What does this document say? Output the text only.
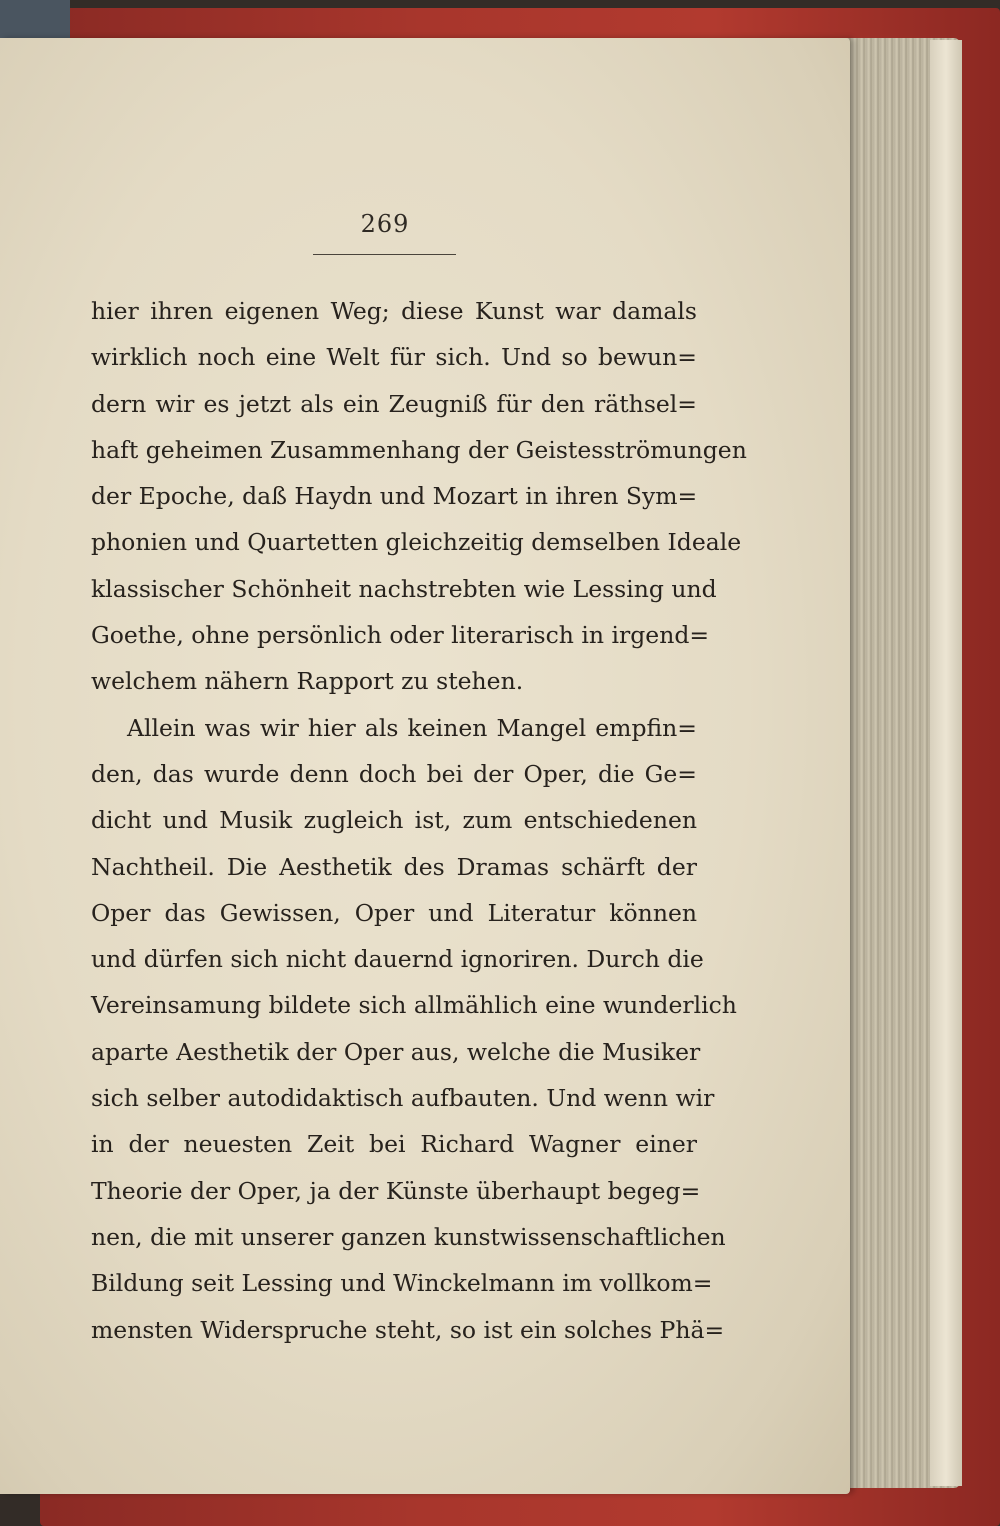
269
hier ihren eigenen Weg; diese Kunst war damals
wirklich noch eine Welt für sich. Und so bewun=
dern wir es jetzt als ein Zeugniß für den räthsel=
haft geheimen Zusammenhang der Geistesströmungen
der Epoche, daß Haydn und Mozart in ihren Sym=
phonien und Quartetten gleichzeitig demselben Ideale
klassischer Schönheit nachstrebten wie Lessing und
Goethe, ohne persönlich oder literarisch in irgend=
welchem nähern Rapport zu stehen.
Allein was wir hier als keinen Mangel empfin=
den, das wurde denn doch bei der Oper, die Ge=
dicht und Musik zugleich ist, zum entschiedenen
Nachtheil. Die Aesthetik des Dramas schärft der
Oper das Gewissen, Oper und Literatur können
und dürfen sich nicht dauernd ignoriren. Durch die
Vereinsamung bildete sich allmählich eine wunderlich
aparte Aesthetik der Oper aus, welche die Musiker
sich selber autodidaktisch aufbauten. Und wenn wir
in der neuesten Zeit bei Richard Wagner einer
Theorie der Oper, ja der Künste überhaupt begeg=
nen, die mit unserer ganzen kunstwissenschaftlichen
Bildung seit Lessing und Winckelmann im vollkom=
mensten Widerspruche steht, so ist ein solches Phä=
